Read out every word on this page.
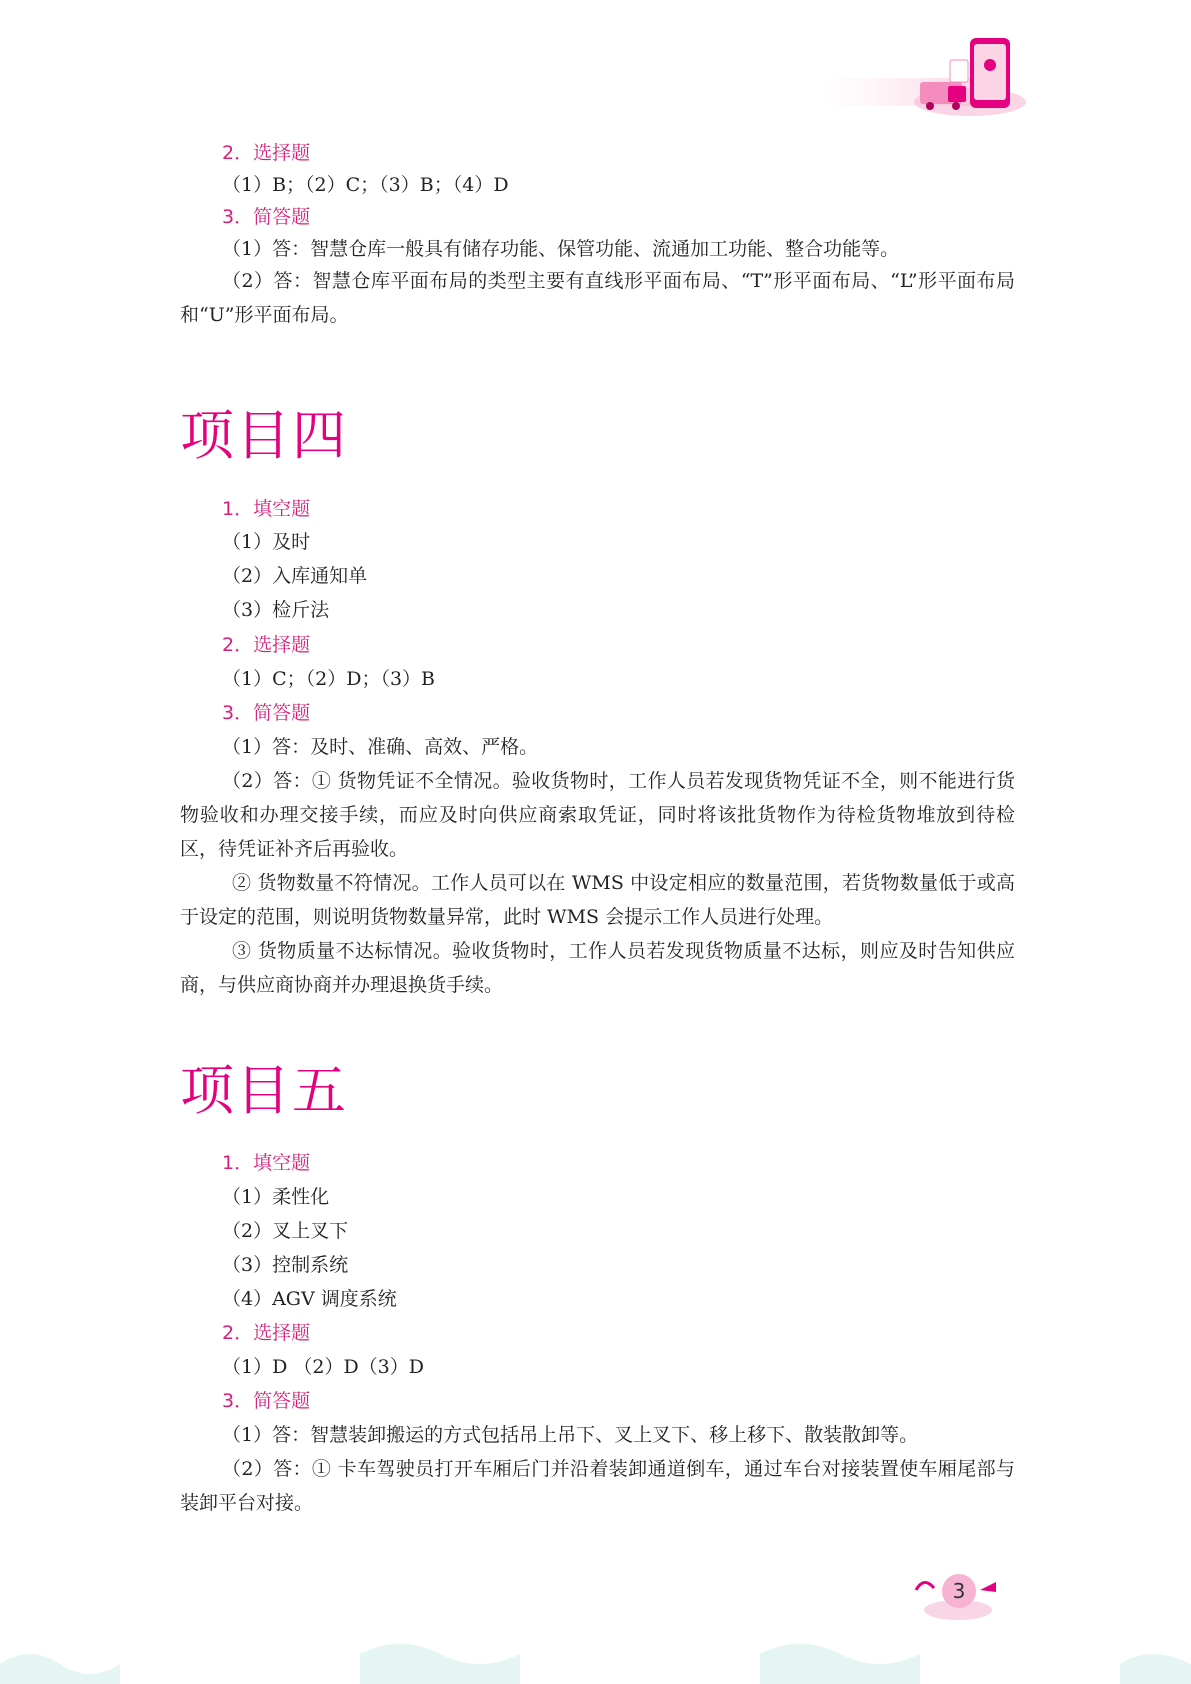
2．选择题
（1）B；（2）C；（3）B；（4）D
3．简答题
（1）答：智慧仓库一般具有储存功能、保管功能、流通加工功能、整合功能等。
（2）答：智慧仓库平面布局的类型主要有直线形平面布局、“T”形平面布局、“L”形平面布局和“U”形平面布局。
项目四
1．填空题
（1）及时
（2）入库通知单
（3）检斤法
2．选择题
（1）C；（2）D；（3）B
3．简答题
（1）答：及时、准确、高效、严格。
（2）答：① 货物凭证不全情况。验收货物时，工作人员若发现货物凭证不全，则不能进行货物验收和办理交接手续，而应及时向供应商索取凭证，同时将该批货物作为待检货物堆放到待检区，待凭证补齐后再验收。
② 货物数量不符情况。工作人员可以在 WMS 中设定相应的数量范围，若货物数量低于或高于设定的范围，则说明货物数量异常，此时 WMS 会提示工作人员进行处理。
③ 货物质量不达标情况。验收货物时，工作人员若发现货物质量不达标，则应及时告知供应商，与供应商协商并办理退换货手续。
项目五
1．填空题
（1）柔性化
（2）叉上叉下
（3）控制系统
（4）AGV 调度系统
2．选择题
（1）D （2）D（3）D
3．简答题
（1）答：智慧装卸搬运的方式包括吊上吊下、叉上叉下、移上移下、散装散卸等。
（2）答：① 卡车驾驶员打开车厢后门并沿着装卸通道倒车，通过车台对接装置使车厢尾部与装卸平台对接。
3
